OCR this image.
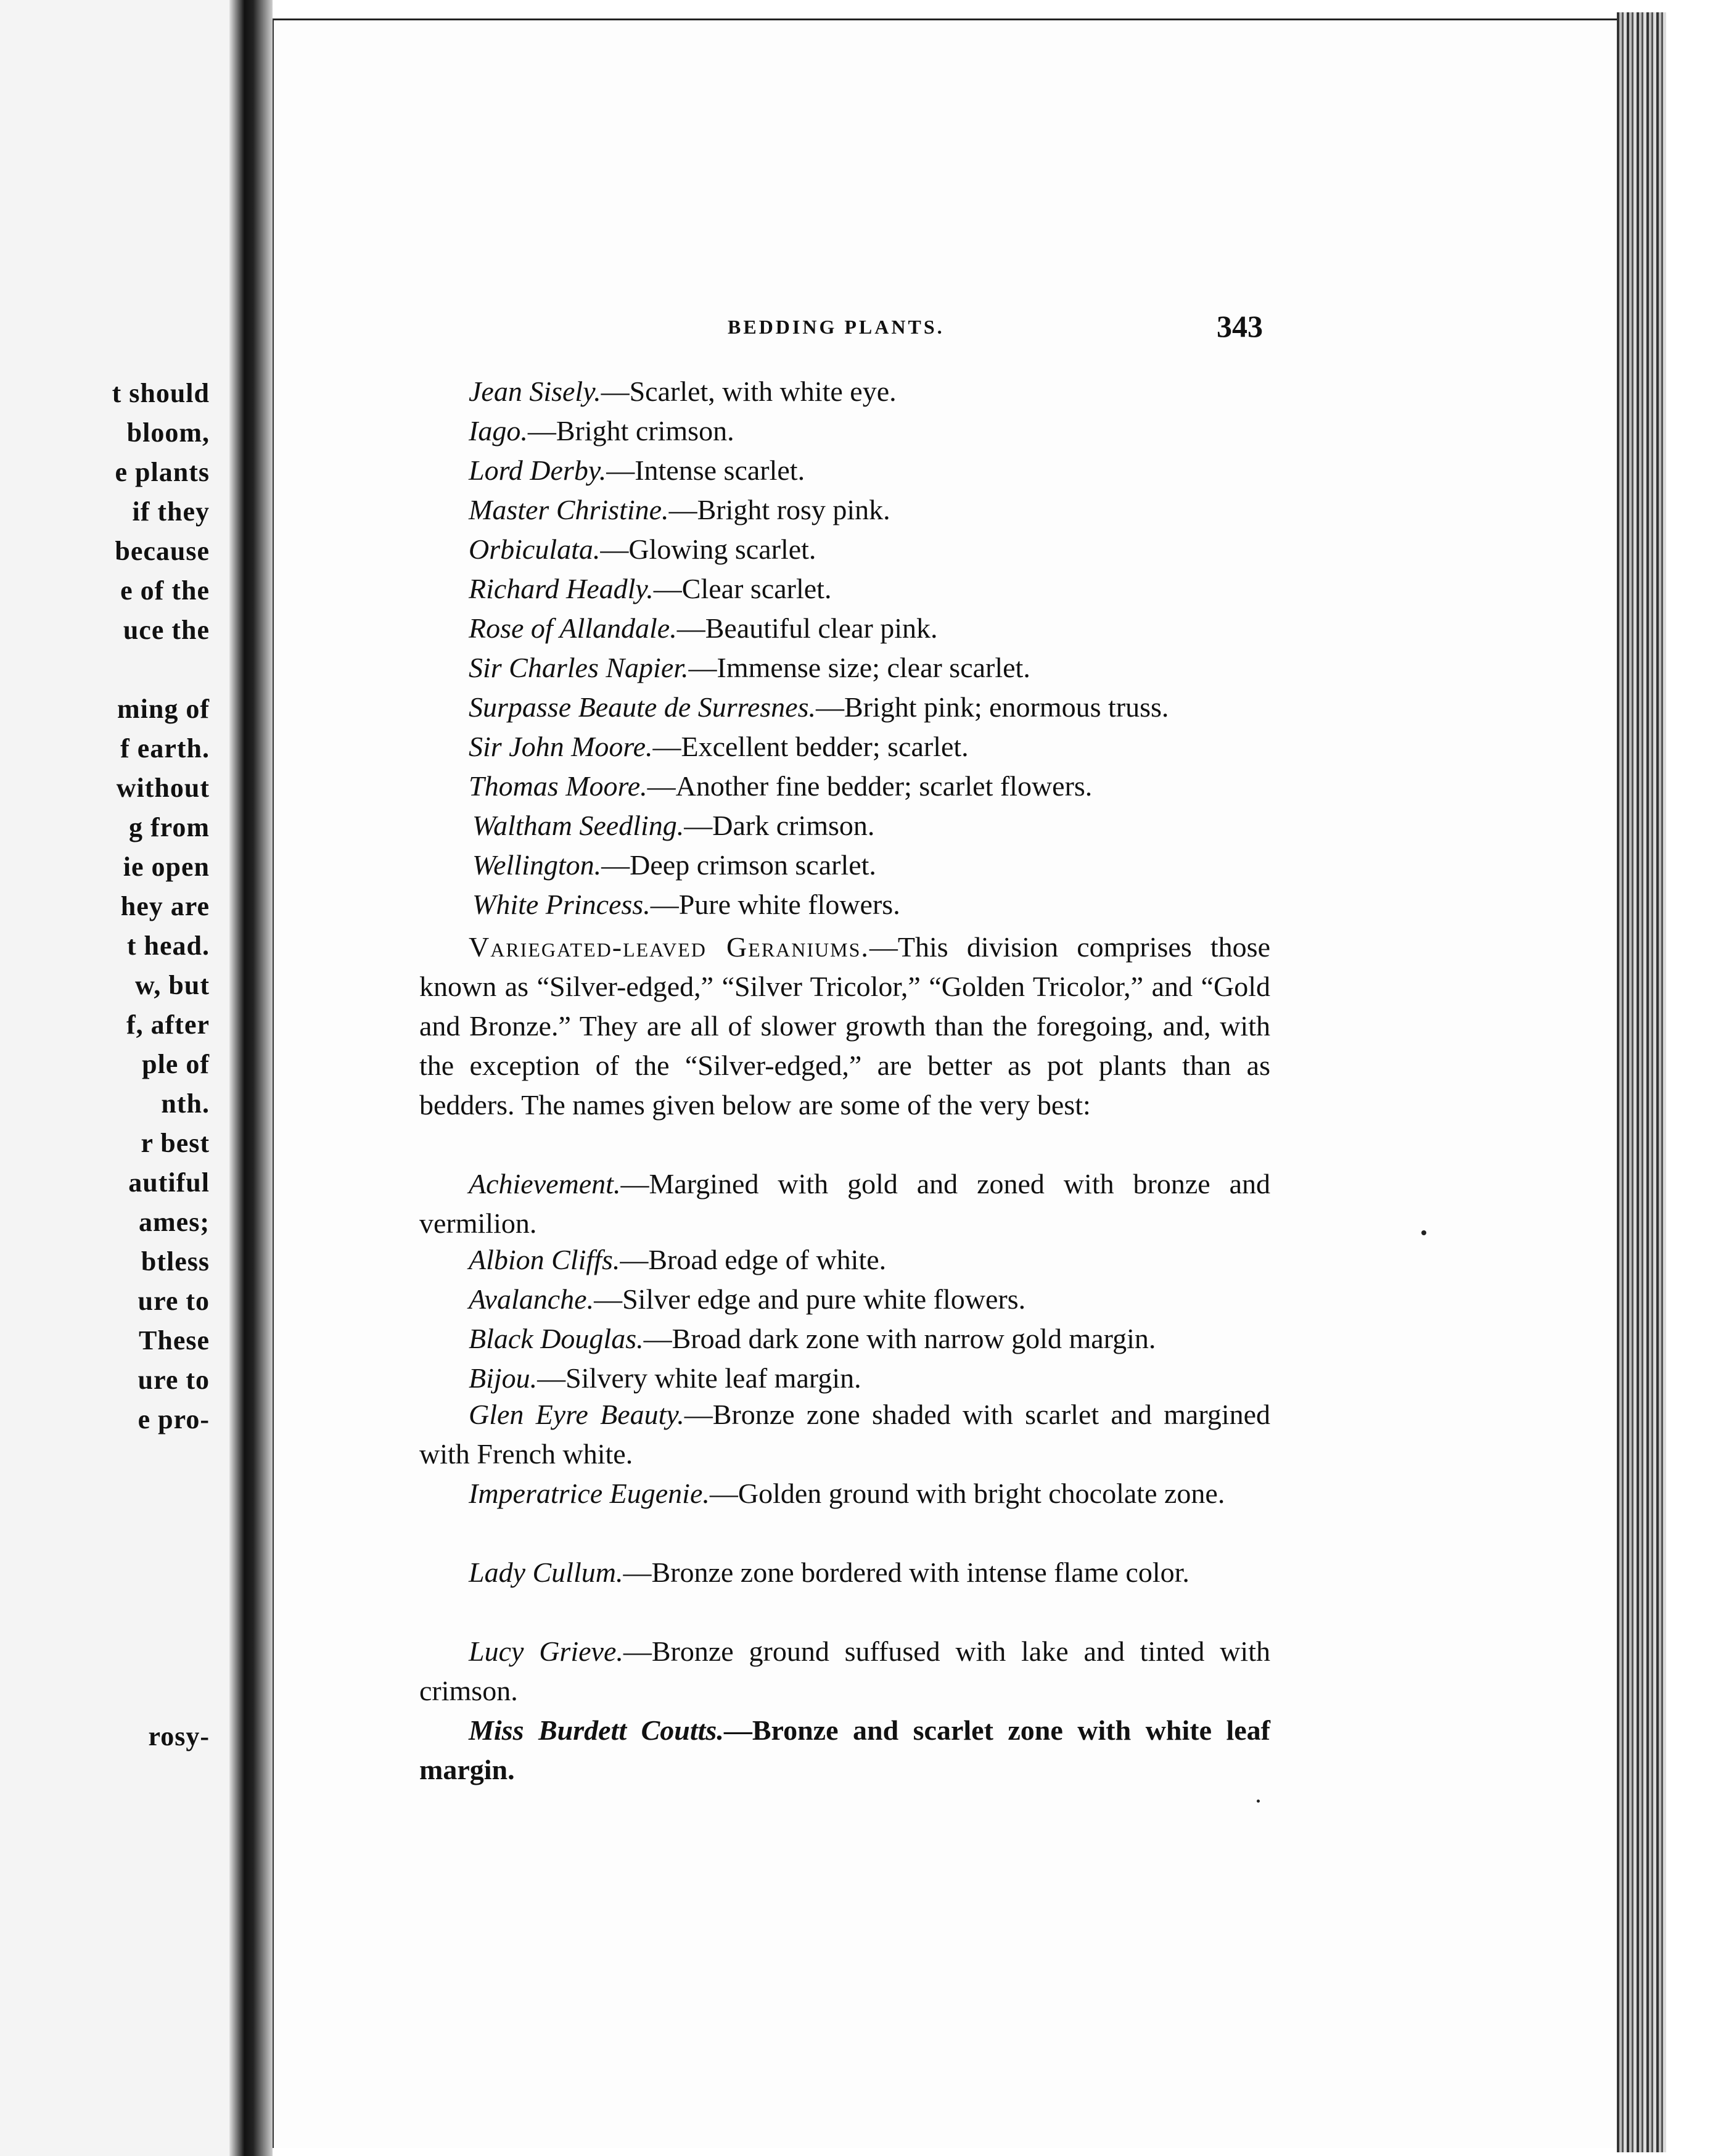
t should
bloom,
e plants
if they
because
e of the
uce the
ming of
f earth.
without
g from
ie open
hey are
t head.
w, but
f, after
ple of
nth.
r best
autiful
ames;
btless
ure to
These
ure to
e pro-
rosy-
BEDDING PLANTS.	343
Jean Sisely.—Scarlet, with white eye.
Iago.—Bright crimson.
Lord Derby.—Intense scarlet.
Master Christine.—Bright rosy pink.
Orbiculata.—Glowing scarlet.
Richard Headly.—Clear scarlet.
Rose of Allandale.—Beautiful clear pink.
Sir Charles Napier.—Immense size; clear scarlet.
Surpasse Beaute de Surresnes.—Bright pink; enormous truss.
Sir John Moore.—Excellent bedder; scarlet.
Thomas Moore.—Another fine bedder; scarlet flowers.
Waltham Seedling.—Dark crimson.
Wellington.—Deep crimson scarlet.
White Princess.—Pure white flowers.
Variegated-leaved Geraniums.—This division comprises those known as “Silver-edged,” “Silver Tricolor,” “Golden Tricolor,” and “Gold and Bronze.” They are all of slower growth than the foregoing, and, with the exception of the “Silver-edged,” are better as pot plants than as bedders. The names given below are some of the very best:
Achievement.—Margined with gold and zoned with bronze and vermilion.
Albion Cliffs.—Broad edge of white.
Avalanche.—Silver edge and pure white flowers.
Black Douglas.—Broad dark zone with narrow gold margin.
Bijou.—Silvery white leaf margin.
Glen Eyre Beauty.—Bronze zone shaded with scarlet and margined with French white.
Imperatrice Eugenie.—Golden ground with bright chocolate zone.
Lady Cullum.—Bronze zone bordered with intense flame color.
Lucy Grieve.—Bronze ground suffused with lake and tinted with crimson.
Miss Burdett Coutts.—Bronze and scarlet zone with white leaf margin.
